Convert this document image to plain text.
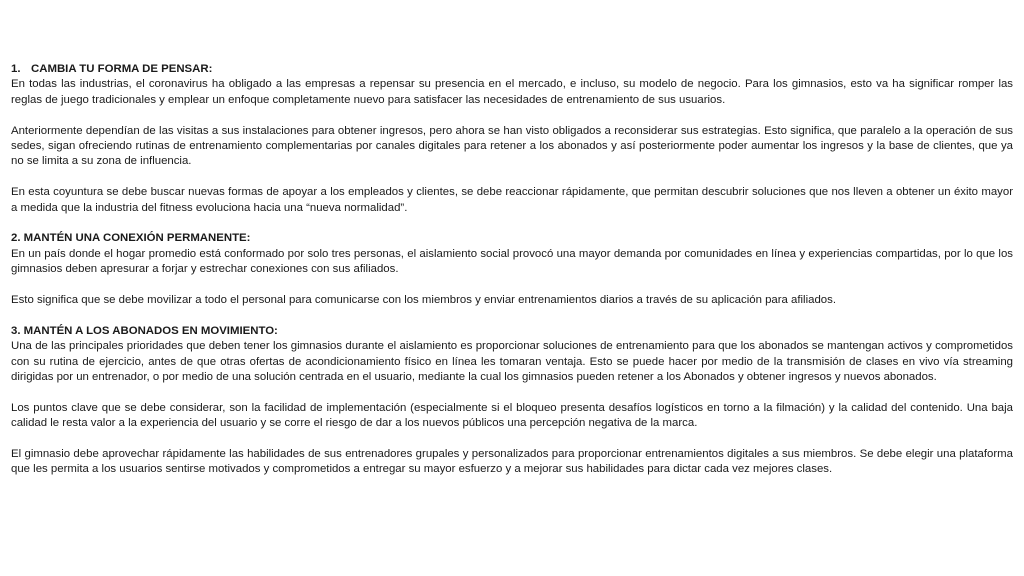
1. CAMBIA TU FORMA DE PENSAR:

En todas las industrias, el coronavirus ha obligado a las empresas a repensar su presencia en el mercado, e incluso, su modelo de negocio. Para los gimnasios, esto va ha significar romper las reglas de juego tradicionales y emplear un enfoque completamente nuevo para satisfacer las necesidades de entrenamiento de sus usuarios.

Anteriormente dependían de las visitas a sus instalaciones para obtener ingresos, pero ahora se han visto obligados a reconsiderar sus estrategias. Esto significa, que paralelo a la operación de sus sedes, sigan ofreciendo rutinas de entrenamiento complementarias por canales digitales para retener a los abonados y así posteriormente poder aumentar los ingresos y la base de clientes, que ya no se limita a su zona de influencia.

En esta coyuntura se debe buscar nuevas formas de apoyar a los empleados y clientes, se debe reaccionar rápidamente, que permitan descubrir soluciones que nos lleven a obtener un éxito mayor a medida que la industria del fitness evoluciona hacia una “nueva normalidad”.

2. MANTÉN UNA CONEXIÓN PERMANENTE:

En un país donde el hogar promedio está conformado por solo tres personas, el aislamiento social provocó una mayor demanda por comunidades en línea y experiencias compartidas, por lo que los gimnasios deben apresurar a forjar y estrechar conexiones con sus afiliados.

Esto significa que se debe movilizar a todo el personal para comunicarse con los miembros y enviar entrenamientos diarios a través de su aplicación para afiliados.

3. MANTÉN A LOS ABONADOS EN MOVIMIENTO:

Una de las principales prioridades que deben tener los gimnasios durante el aislamiento es proporcionar soluciones de entrenamiento para que los abonados se mantengan activos y comprometidos con su rutina de ejercicio, antes de que otras ofertas de acondicionamiento físico en línea les tomaran ventaja. Esto se puede hacer por medio de la transmisión de clases en vivo vía streaming dirigidas por un entrenador, o por medio de una solución centrada en el usuario, mediante la cual los gimnasios pueden retener a los Abonados y obtener ingresos y nuevos abonados.

Los puntos clave que se debe considerar, son la facilidad de implementación (especialmente si el bloqueo presenta desafíos logísticos en torno a la filmación) y la calidad del contenido. Una baja calidad le resta valor a la experiencia del usuario y se corre el riesgo de dar a los nuevos públicos una percepción negativa de la marca.

El gimnasio debe aprovechar rápidamente las habilidades de sus entrenadores grupales y personalizados para proporcionar entrenamientos digitales a sus miembros. Se debe elegir una plataforma que les permita a los usuarios sentirse motivados y comprometidos a entregar su mayor esfuerzo y a mejorar sus habilidades para dictar cada vez mejores clases.
